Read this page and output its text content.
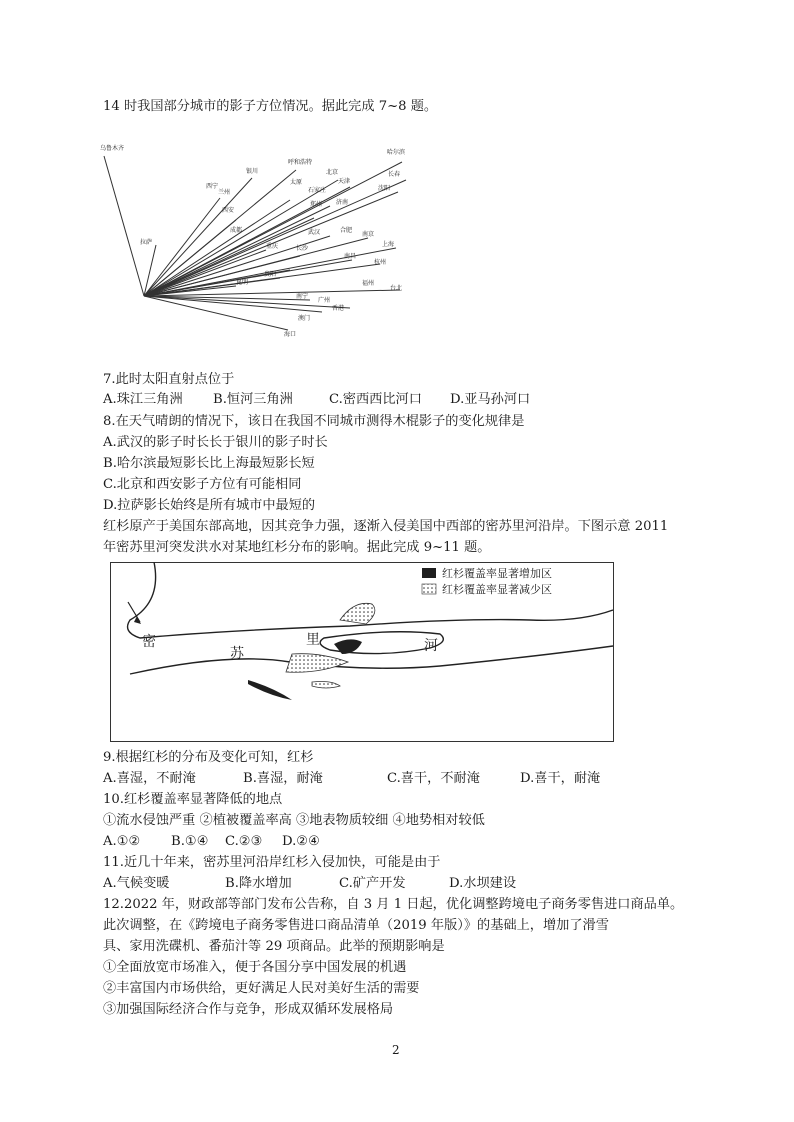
14 时我国部分城市的影子方位情况。据此完成 7~8 题。
乌鲁木齐
哈尔滨
长春
沈阳
呼和浩特
北京
天津
太原
银川
西宁
兰州	石家庄
西安
郑州 济南
成都	武汉	合肥
南京
上海
杭州
南昌
长沙
重庆
贵阳
昆明
拉萨
南宁
福州
台北
广州
香港
澳门
海口
7.此时太阳直射点位于
A.珠江三角洲 B.恒河三角洲	C.密西西比河口 D.亚马孙河口
8.在天气晴朗的情况下，该日在我国不同城市测得木棍影子的变化规律是
A.武汉的影子时长长于银川的影子时长
B.哈尔滨最短影长比上海最短影长短
C.北京和西安影子方位有可能相同
D.拉萨影长始终是所有城市中最短的
红杉原产于美国东部高地，因其竞争力强，逐渐入侵美国中西部的密苏里河沿岸。下图示意 2011
年密苏里河突发洪水对某地红杉分布的影响。据此完成 9~11 题。
密
苏
里	河
红杉覆盖率显著增加区
红杉覆盖率显著减少区
9.根据红杉的分布及变化可知，红杉
A.喜湿，不耐淹	B.喜湿，耐淹	C.喜干，不耐淹	D.喜干，耐淹
10.红杉覆盖率显著降低的地点
①流水侵蚀严重 ②植被覆盖率高 ③地表物质较细 ④地势相对较低
A.①② B.①④ C.②③ D.②④
11.近几十年来，密苏里河沿岸红杉入侵加快，可能是由于
A.气候变暖	B.降水增加	C.矿产开发	D.水坝建设
12.2022 年，财政部等部门发布公告称，自 3 月 1 日起，优化调整跨境电子商务零售进口商品单。
此次调整，在《跨境电子商务零售进口商品清单（2019 年版）》的基础上，增加了滑雪
具、家用洗碟机、番茄汁等 29 项商品。此举的预期影响是
①全面放宽市场准入，便于各国分享中国发展的机遇
②丰富国内市场供给，更好满足人民对美好生活的需要
③加强国际经济合作与竞争，形成双循环发展格局
2
